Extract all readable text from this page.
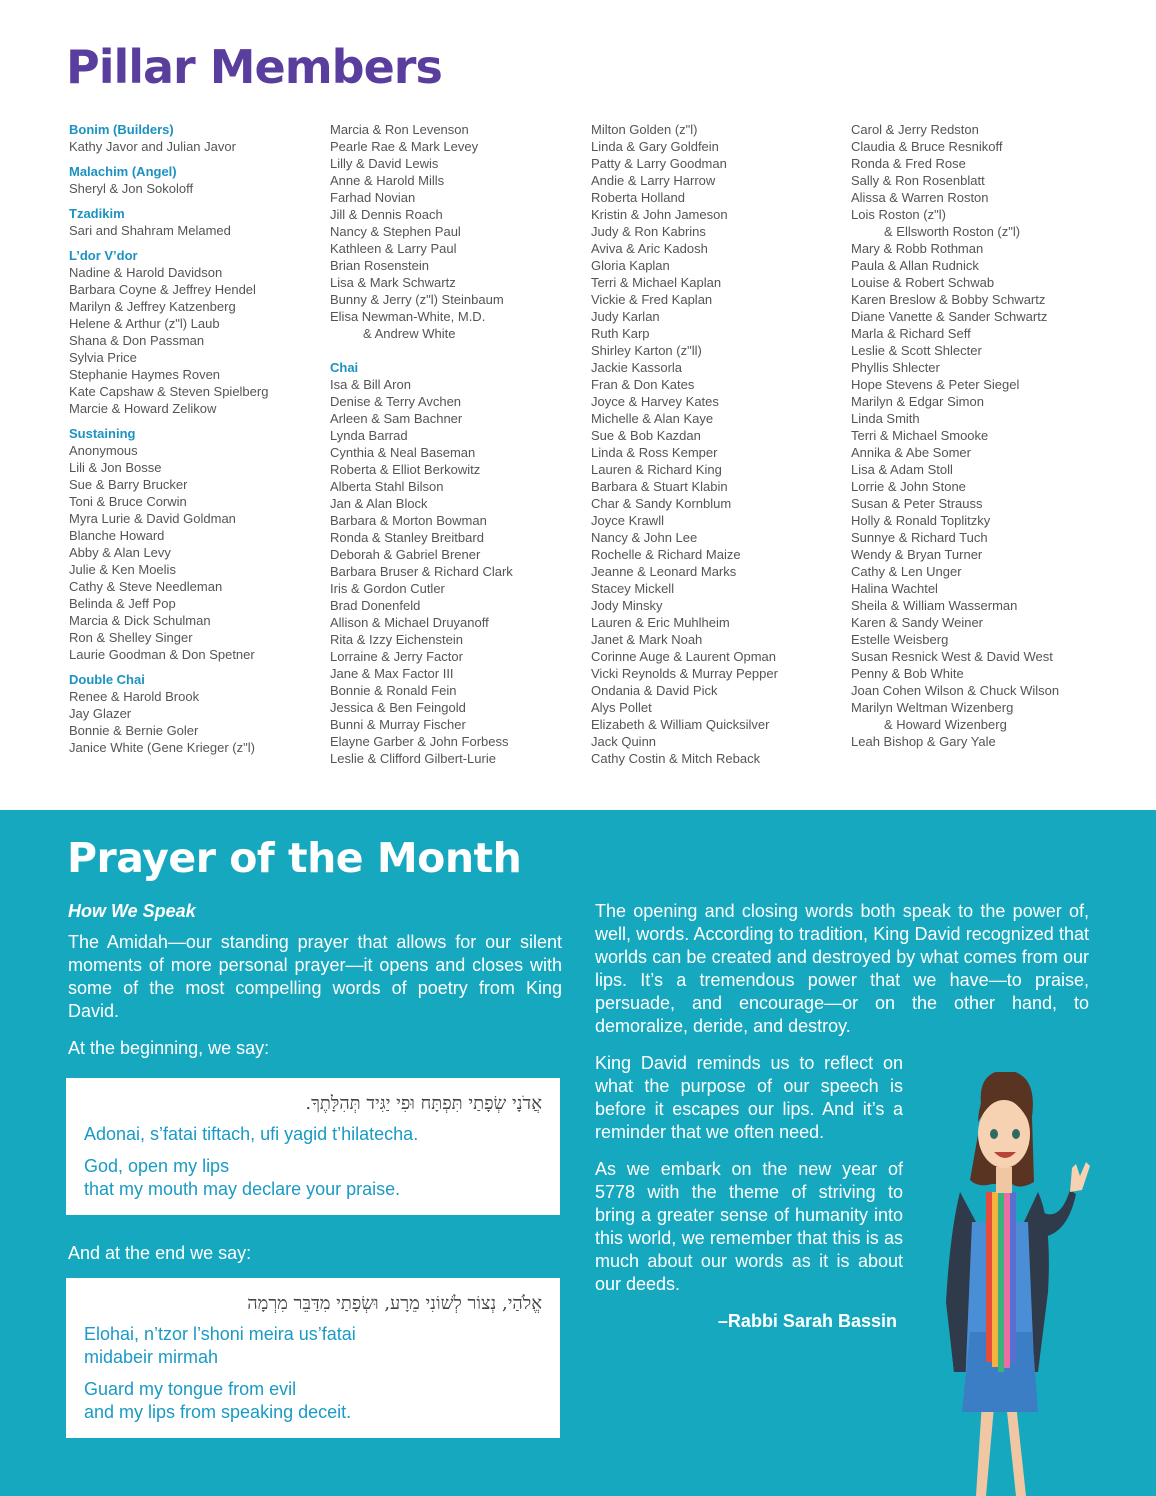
Pillar Members
Bonim (Builders)
Kathy Javor and Julian Javor
Malachim (Angel)
Sheryl & Jon Sokoloff
Tzadikim
Sari and Shahram Melamed
L’dor V’dor
Nadine & Harold Davidson
Barbara Coyne & Jeffrey Hendel
Marilyn & Jeffrey Katzenberg
Helene & Arthur (z"l) Laub
Shana & Don Passman
Sylvia Price
Stephanie Haymes Roven
Kate Capshaw & Steven Spielberg
Marcie & Howard Zelikow
Sustaining
Anonymous
Lili & Jon Bosse
Sue & Barry Brucker
Toni & Bruce Corwin
Myra Lurie & David Goldman
Blanche Howard
Abby & Alan Levy
Julie & Ken Moelis
Cathy & Steve Needleman
Belinda & Jeff Pop
Marcia & Dick Schulman
Ron & Shelley Singer
Laurie Goodman & Don Spetner
Double Chai
Renee & Harold Brook
Jay Glazer
Bonnie & Bernie Goler
Janice White (Gene Krieger (z"l)
Marcia & Ron Levenson
Pearle Rae & Mark Levey
Lilly & David Lewis
Anne & Harold Mills
Farhad Novian
Jill & Dennis Roach
Nancy & Stephen Paul
Kathleen & Larry Paul
Brian Rosenstein
Lisa & Mark Schwartz
Bunny & Jerry (z"l) Steinbaum
Elisa Newman-White, M.D.
& Andrew White
Chai
Isa & Bill Aron
Denise & Terry Avchen
Arleen & Sam Bachner
Lynda Barrad
Cynthia & Neal Baseman
Roberta & Elliot Berkowitz
Alberta Stahl Bilson
Jan & Alan Block
Barbara & Morton Bowman
Ronda & Stanley Breitbard
Deborah & Gabriel Brener
Barbara Bruser & Richard Clark
Iris & Gordon Cutler
Brad Donenfeld
Allison & Michael Druyanoff
Rita & Izzy Eichenstein
Lorraine & Jerry Factor
Jane & Max Factor III
Bonnie & Ronald Fein
Jessica & Ben Feingold
Bunni & Murray Fischer
Elayne Garber & John Forbess
Leslie & Clifford Gilbert-Lurie
Milton Golden (z"l)
Linda & Gary Goldfein
Patty & Larry Goodman
Andie & Larry Harrow
Roberta Holland
Kristin & John Jameson
Judy & Ron Kabrins
Aviva & Aric Kadosh
Gloria Kaplan
Terri & Michael Kaplan
Vickie & Fred Kaplan
Judy Karlan
Ruth Karp
Shirley Karton (z"ll)
Jackie Kassorla
Fran & Don Kates
Joyce & Harvey Kates
Michelle & Alan Kaye
Sue & Bob Kazdan
Linda & Ross Kemper
Lauren & Richard King
Barbara & Stuart Klabin
Char & Sandy Kornblum
Joyce Krawll
Nancy & John Lee
Rochelle & Richard Maize
Jeanne & Leonard Marks
Stacey Mickell
Jody Minsky
Lauren & Eric Muhlheim
Janet & Mark Noah
Corinne Auge & Laurent Opman
Vicki Reynolds & Murray Pepper
Ondania & David Pick
Alys Pollet
Elizabeth & William Quicksilver
Jack Quinn
Cathy Costin & Mitch Reback
Carol & Jerry Redston
Claudia & Bruce Resnikoff
Ronda & Fred Rose
Sally & Ron Rosenblatt
Alissa & Warren Roston
Lois Roston (z"l)
& Ellsworth Roston (z"l)
Mary & Robb Rothman
Paula & Allan Rudnick
Louise & Robert Schwab
Karen Breslow & Bobby Schwartz
Diane Vanette & Sander Schwartz
Marla & Richard Seff
Leslie & Scott Shlecter
Phyllis Shlecter
Hope Stevens & Peter Siegel
Marilyn & Edgar Simon
Linda Smith
Terri & Michael Smooke
Annika & Abe Somer
Lisa & Adam Stoll
Lorrie & John Stone
Susan & Peter Strauss
Holly & Ronald Toplitzky
Sunnye & Richard Tuch
Wendy & Bryan Turner
Cathy & Len Unger
Halina Wachtel
Sheila & William Wasserman
Karen & Sandy Weiner
Estelle Weisberg
Susan Resnick West & David West
Penny & Bob White
Joan Cohen Wilson & Chuck Wilson
Marilyn Weltman Wizenberg
& Howard Wizenberg
Leah Bishop & Gary Yale
Prayer of the Month

How We Speak

The Amidah—our standing prayer that allows for our silent moments of more personal prayer—it opens and closes with some of the most compelling words of poetry from King David.

At the beginning, we say:

אֲדֹנָי שְׂפָתַי תִּפְתָּח וּפִי יַגִּיד תְּהִלָּתֶךָ.

Adonai, s’fatai tiftach, ufi yagid t’hilatecha.

God, open my lips
that my mouth may declare your praise.

And at the end we say:

אֱלֹהַי, נְצוֹר לְשׁוֹנִי מֵרָע, וּשְׂפָתַי מִדַּבֵּר מִרְמָה

Elohai, n’tzor l’shoni meira us’fatai
midabeir mirmah

Guard my tongue from evil
and my lips from speaking deceit.

The opening and closing words both speak to the power of, well, words. According to tradition, King David recognized that worlds can be created and destroyed by what comes from our lips. It’s a tremendous power that we have—to praise, persuade, and encourage—or on the other hand, to demoralize, deride, and destroy.

King David reminds us to reflect on what the purpose of our speech is before it escapes our lips. And it’s a reminder that we often need.

As we embark on the new year of 5778 with the theme of striving to bring a greater sense of humanity into this world, we remember that this is as much about our words as it is about our deeds.

–Rabbi Sarah Bassin
